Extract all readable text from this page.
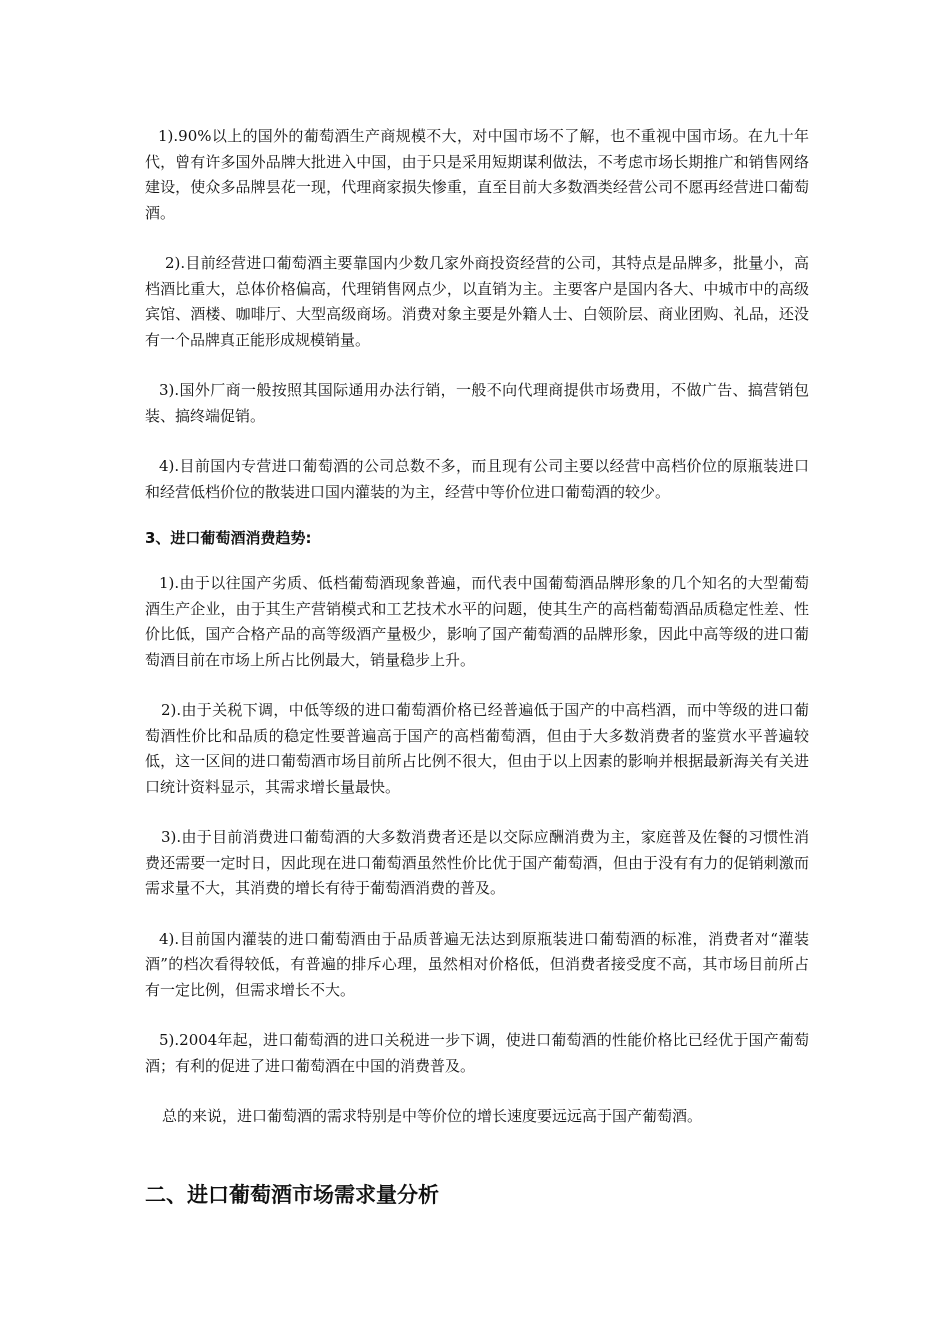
1).90%以上的国外的葡萄酒生产商规模不大，对中国市场不了解，也不重视中国市场。在九十年代，曾有许多国外品牌大批进入中国，由于只是采用短期谋利做法，不考虑市场长期推广和销售网络建设，使众多品牌昙花一现，代理商家损失惨重，直至目前大多数酒类经营公司不愿再经营进口葡萄酒。

2).目前经营进口葡萄酒主要靠国内少数几家外商投资经营的公司，其特点是品牌多，批量小，高档酒比重大，总体价格偏高，代理销售网点少，以直销为主。主要客户是国内各大、中城市中的高级宾馆、酒楼、咖啡厅、大型高级商场。消费对象主要是外籍人士、白领阶层、商业团购、礼品，还没有一个品牌真正能形成规模销量。

3).国外厂商一般按照其国际通用办法行销，一般不向代理商提供市场费用，不做广告、搞营销包装、搞终端促销。

4).目前国内专营进口葡萄酒的公司总数不多，而且现有公司主要以经营中高档价位的原瓶装进口和经营低档价位的散装进口国内灌装的为主，经营中等价位进口葡萄酒的较少。

3、进口葡萄酒消费趋势:

1).由于以往国产劣质、低档葡萄酒现象普遍，而代表中国葡萄酒品牌形象的几个知名的大型葡萄酒生产企业，由于其生产营销模式和工艺技术水平的问题，使其生产的高档葡萄酒品质稳定性差、性价比低，国产合格产品的高等级酒产量极少，影响了国产葡萄酒的品牌形象，因此中高等级的进口葡萄酒目前在市场上所占比例最大，销量稳步上升。

2).由于关税下调，中低等级的进口葡萄酒价格已经普遍低于国产的中高档酒，而中等级的进口葡萄酒性价比和品质的稳定性要普遍高于国产的高档葡萄酒，但由于大多数消费者的鉴赏水平普遍较低，这一区间的进口葡萄酒市场目前所占比例不很大，但由于以上因素的影响并根据最新海关有关进口统计资料显示，其需求增长量最快。

3).由于目前消费进口葡萄酒的大多数消费者还是以交际应酬消费为主，家庭普及佐餐的习惯性消费还需要一定时日，因此现在进口葡萄酒虽然性价比优于国产葡萄酒，但由于没有有力的促销刺激而需求量不大，其消费的增长有待于葡萄酒消费的普及。

4).目前国内灌装的进口葡萄酒由于品质普遍无法达到原瓶装进口葡萄酒的标准，消费者对“灌装酒”的档次看得较低，有普遍的排斥心理，虽然相对价格低，但消费者接受度不高，其市场目前所占有一定比例，但需求增长不大。

5).2004年起，进口葡萄酒的进口关税进一步下调，使进口葡萄酒的性能价格比已经优于国产葡萄酒；有利的促进了进口葡萄酒在中国的消费普及。

总的来说，进口葡萄酒的需求特别是中等价位的增长速度要远远高于国产葡萄酒。

二、进口葡萄酒市场需求量分析
